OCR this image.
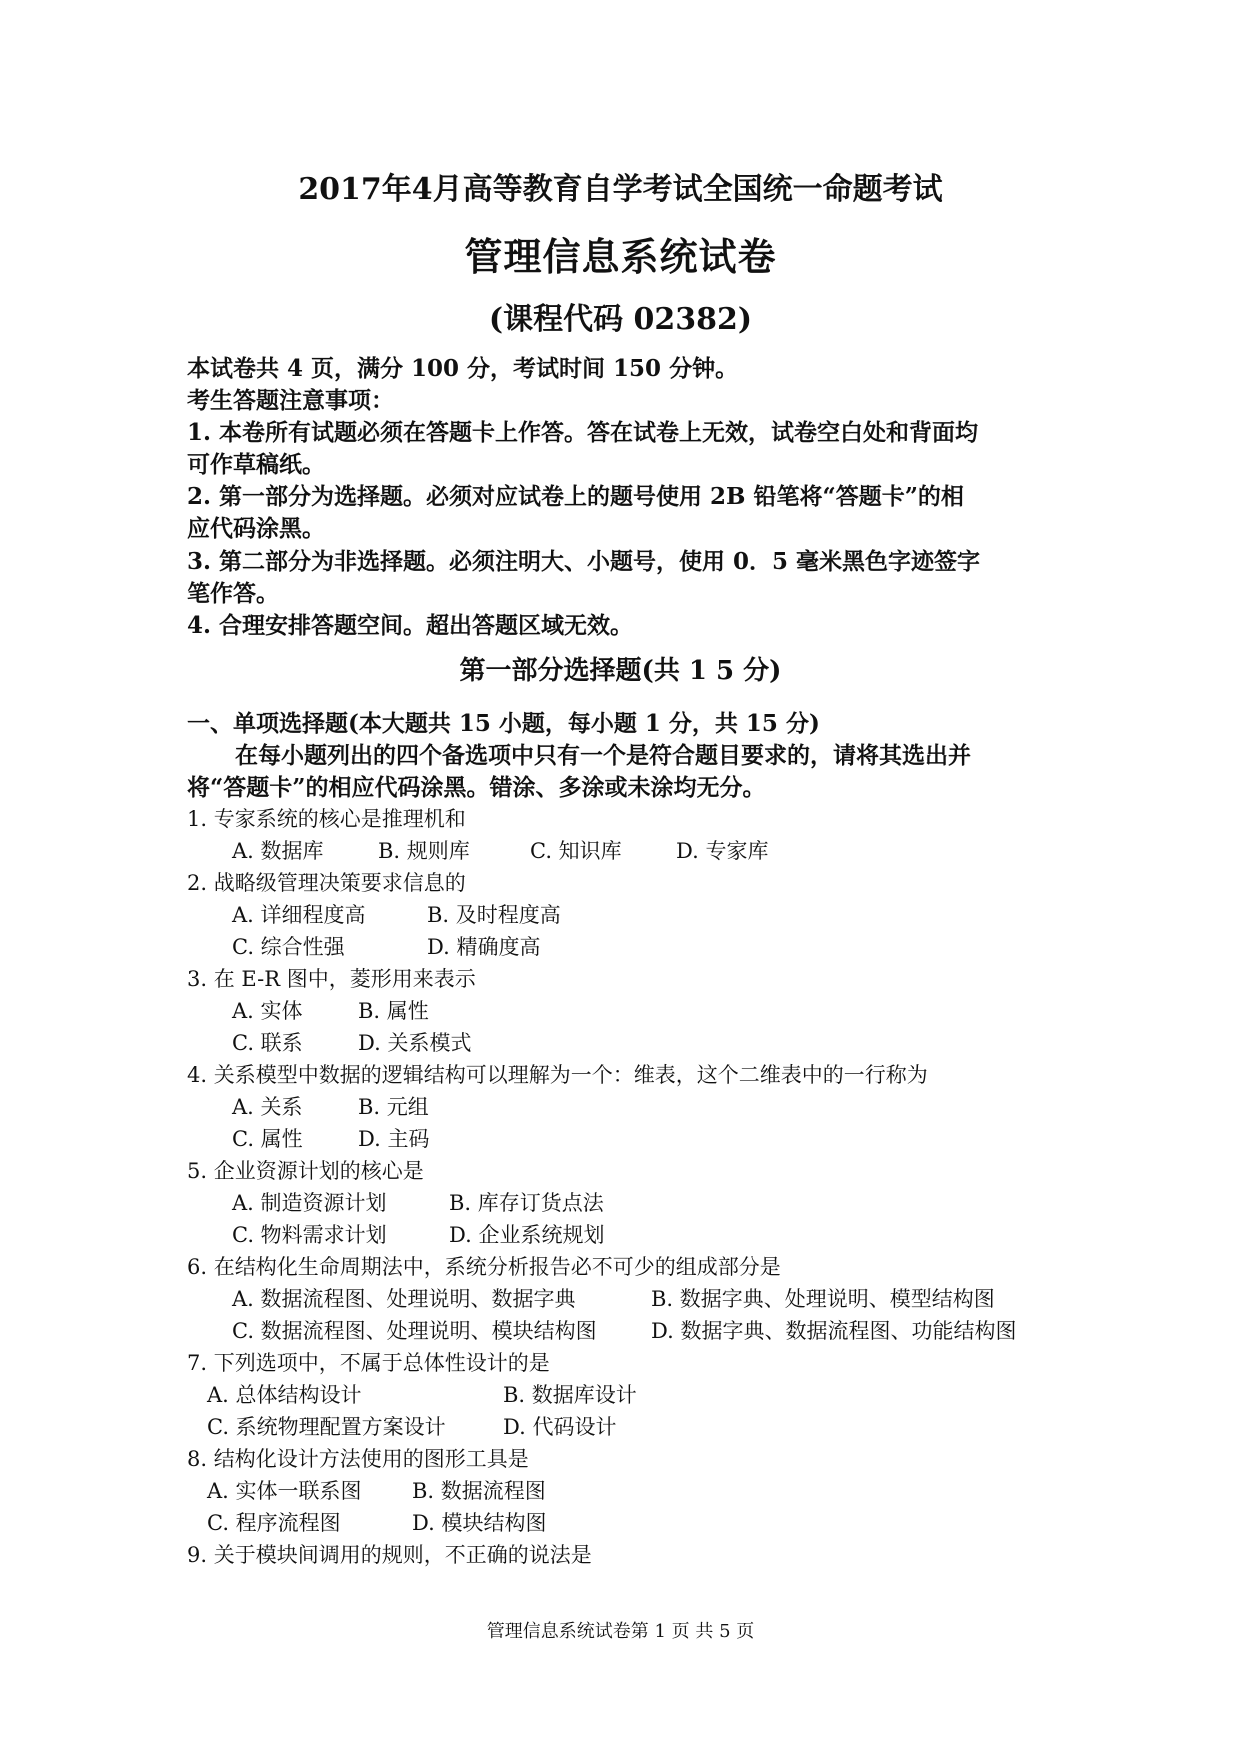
2017年4月高等教育自学考试全国统一命题考试
管理信息系统试卷
(课程代码 02382)
本试卷共 4 页，满分 100 分，考试时间 150 分钟。
考生答题注意事项：
1. 本卷所有试题必须在答题卡上作答。答在试卷上无效，试卷空白处和背面均
可作草稿纸。
2. 第一部分为选择题。必须对应试卷上的题号使用 2B 铅笔将“答题卡”的相
应代码涂黑。
3. 第二部分为非选择题。必须注明大、小题号，使用 0．5 毫米黑色字迹签字
笔作答。
4. 合理安排答题空间。超出答题区域无效。
第一部分选择题(共 1 5 分)
一、单项选择题(本大题共 15 小题，每小题 1 分，共 15 分)
在每小题列出的四个备选项中只有一个是符合题目要求的，请将其选出并
将“答题卡”的相应代码涂黑。错涂、多涂或未涂均无分。
1. 专家系统的核心是推理机和
A. 数据库	B. 规则库	C. 知识库	D. 专家库
2. 战略级管理决策要求信息的
A. 详细程度高	B. 及时程度高
C. 综合性强	D. 精确度高
3. 在 E-R 图中，菱形用来表示
A. 实体	B. 属性
C. 联系	D. 关系模式
4. 关系模型中数据的逻辑结构可以理解为一个：维表，这个二维表中的一行称为
A. 关系	B. 元组
C. 属性	D. 主码
5. 企业资源计划的核心是
A. 制造资源计划	B. 库存订货点法
C. 物料需求计划	D. 企业系统规划
6. 在结构化生命周期法中，系统分析报告必不可少的组成部分是
A. 数据流程图、处理说明、数据字典	B. 数据字典、处理说明、模型结构图
C. 数据流程图、处理说明、模块结构图	D. 数据字典、数据流程图、功能结构图
7. 下列选项中，不属于总体性设计的是
A. 总体结构设计	B. 数据库设计
C. 系统物理配置方案设计	D. 代码设计
8. 结构化设计方法使用的图形工具是
A. 实体一联系图 B. 数据流程图
C. 程序流程图	D. 模块结构图
9. 关于模块间调用的规则，不正确的说法是
管理信息系统试卷第 1 页 共 5 页
